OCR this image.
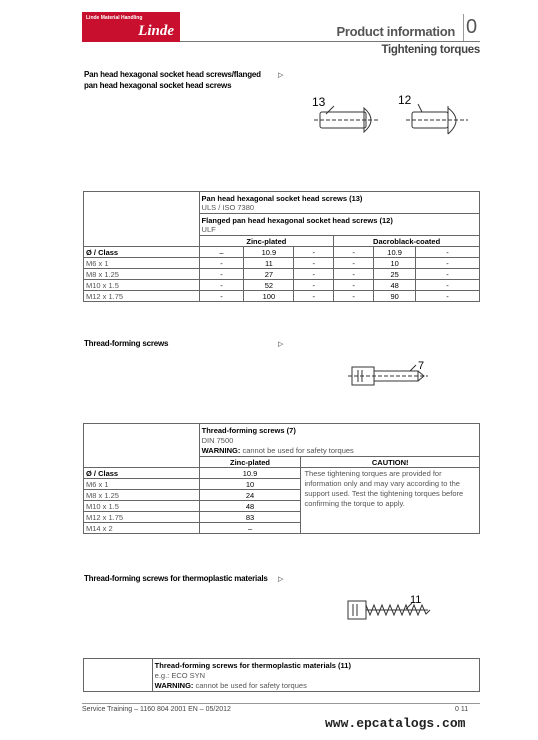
Linde Material Handling
Linde	Product information 0
Tightening torques
Pan head hexagonal socket head screws/flanged pan head hexagonal socket head screws
▷
13	12

	Pan head hexagonal socket head screws (13)
ULS / ISO 7380					

	Flanged pan head hexagonal socket head screws (12)
ULF					

	Zinc-plated			Dacroblack-coated		
Ø / Class	–	10.9	-	-	10.9	-
M6 x 1	-	11	-	-	10	-
M8 x 1.25	-	27	-	-	25	-
M10 x 1.5	-	52	-	-	48	-
M12 x 1.75	-	100	-	-	90	-
Thread-forming screws	▷
7

	Thread-forming screws (7)
DIN 7500
WARNING: cannot be used for safety torques	

	Zinc-plated	CAUTION!
Ø / Class	10.9	These tightening torques are provided for information only and may vary according to the support used. Test the tightening torques before confirming the torque to apply.
M6 x 1	10	
M8 x 1.25	24	
M10 x 1.5	48	
M12 x 1.75	83	
M14 x 2	–	
Thread-forming screws for thermoplastic materials	▷
11

Thread-forming screws for thermoplastic materials (11)
e.g.: ECO SYN
WARNING: cannot be used for safety torques
Service Training – 1160 804 2001 EN – 05/2012	0 11
www.epcatalogs.com
